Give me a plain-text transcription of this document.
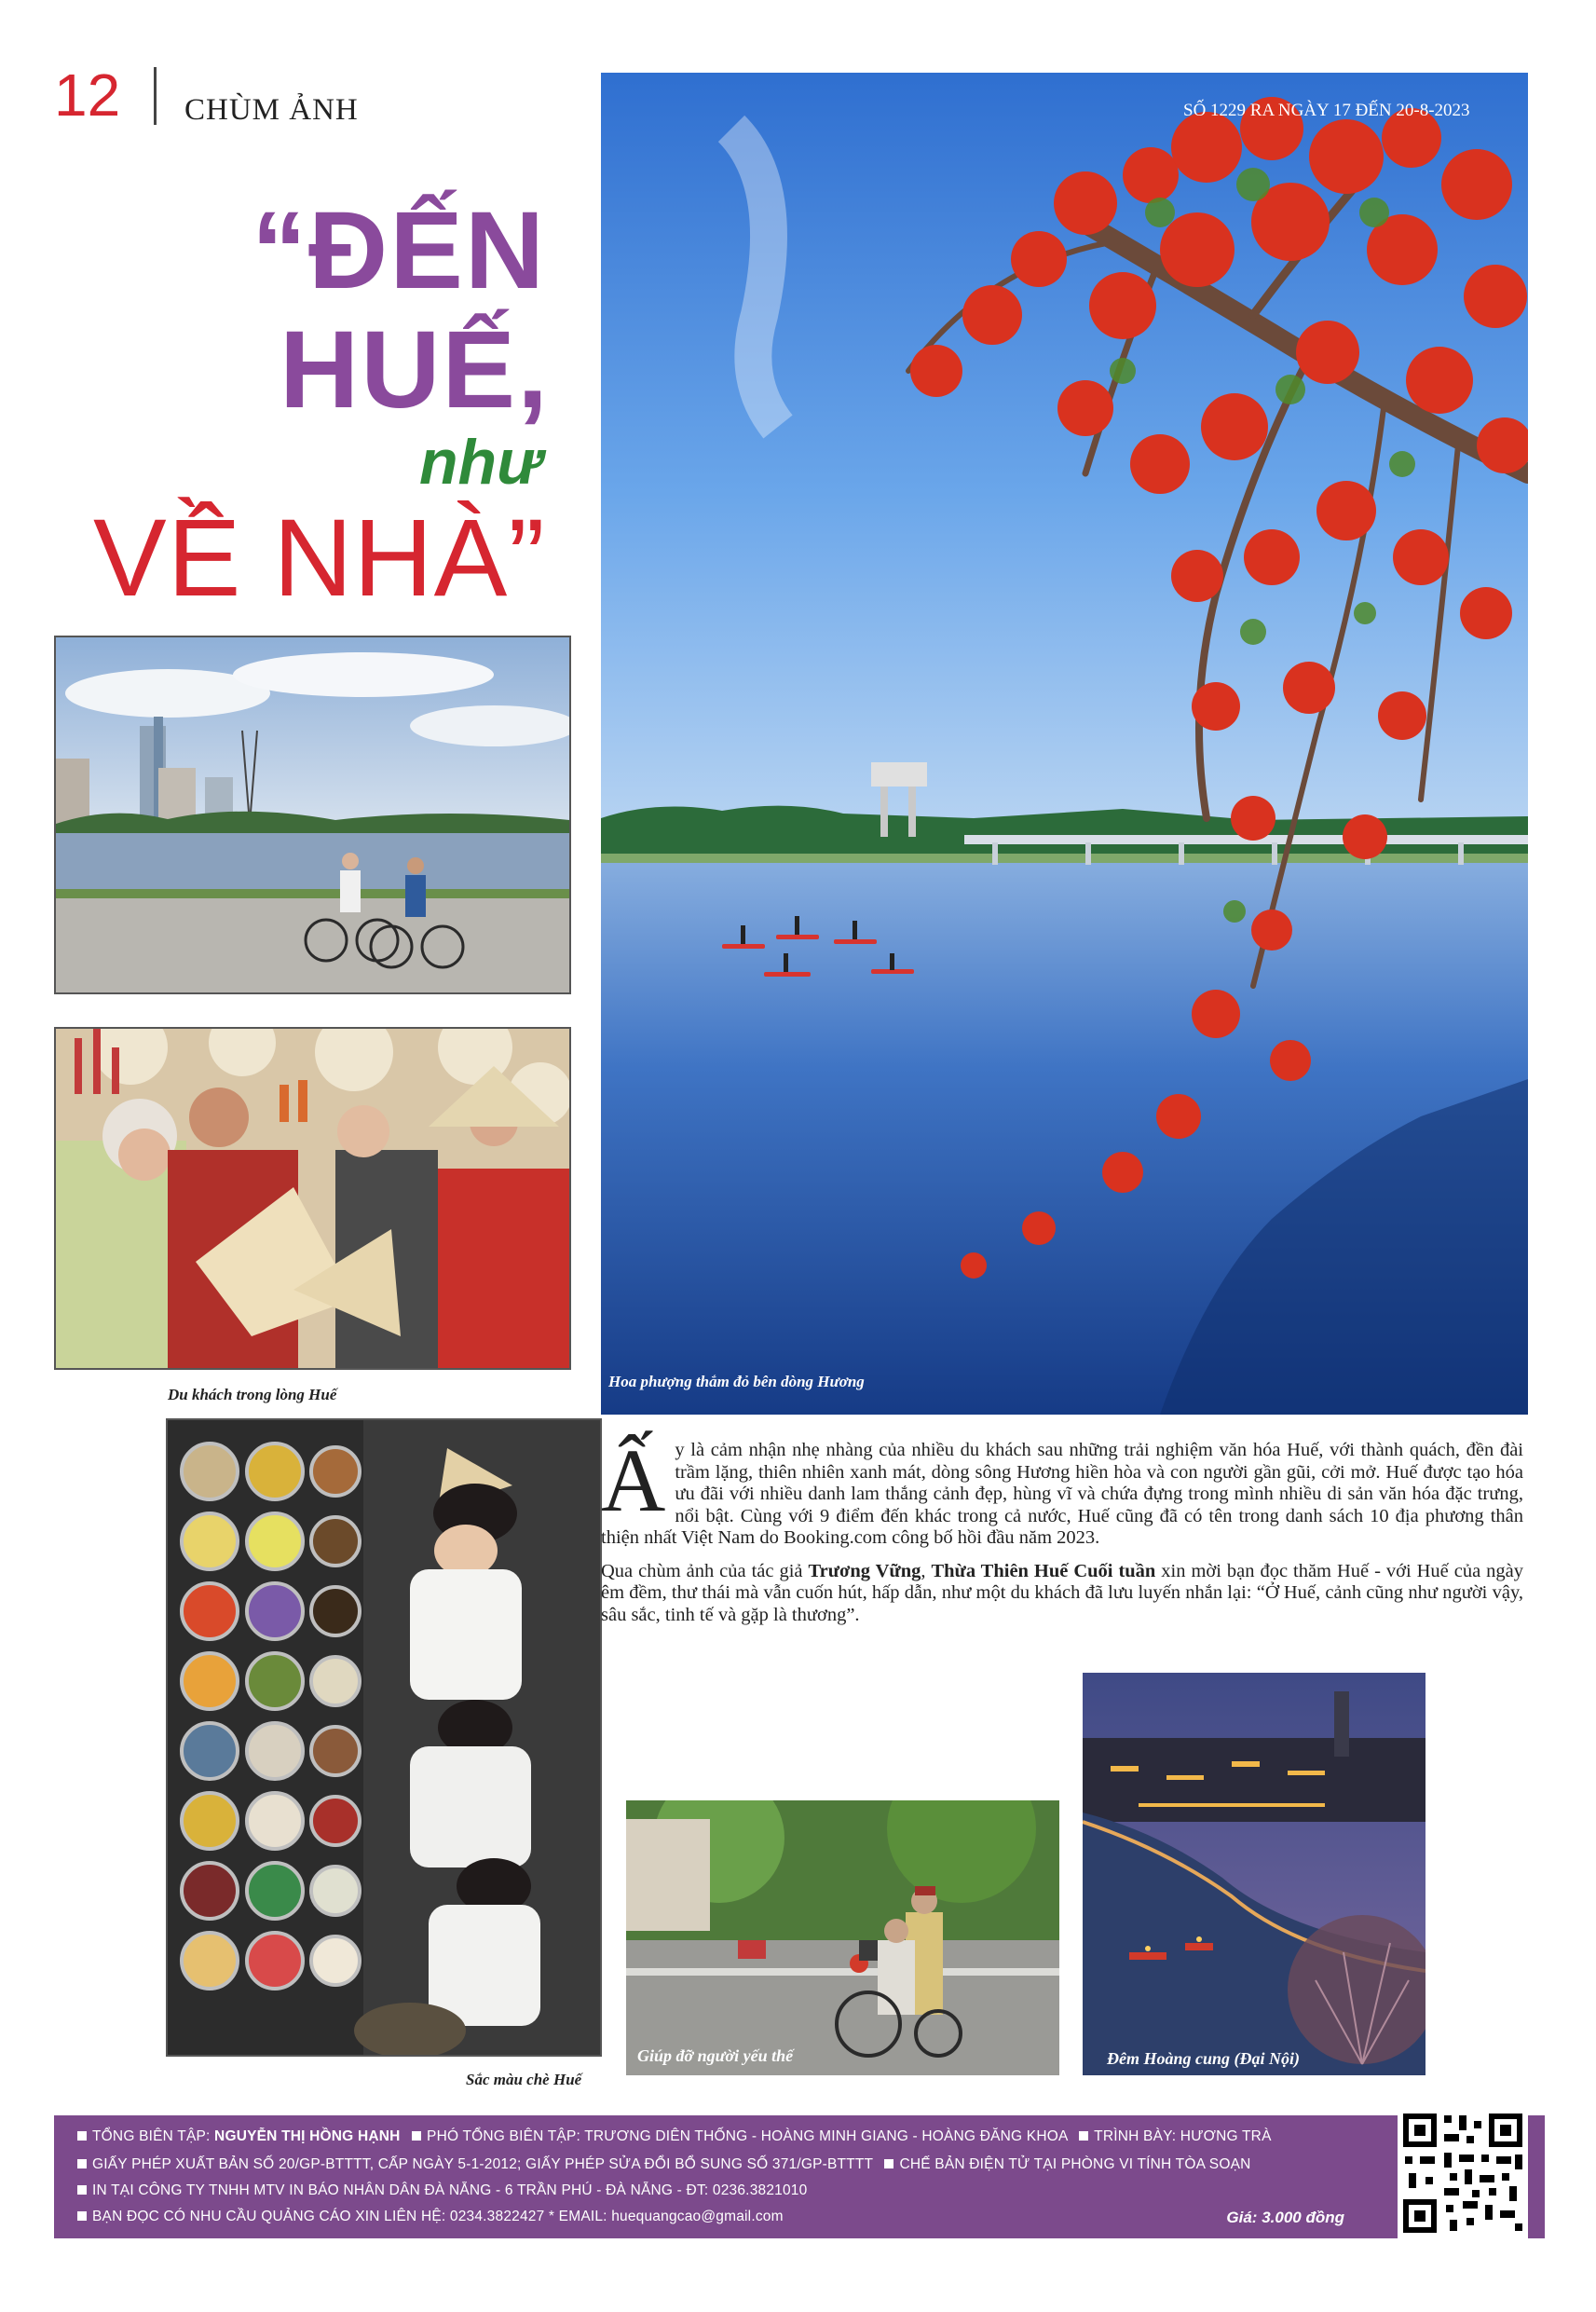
12 CHÙM ẢNH
“ĐẾN
HUẾ,
như
VỀ NHÀ”
SỐ 1229 RA NGÀY 17 ĐẾN 20-8-2023
Hoa phượng thắm đỏ bên dòng Hương
Du khách trong lòng Huế
Sắc màu chè Huế

Ấy là cảm nhận nhẹ nhàng của nhiều du khách sau những trải nghiệm văn hóa Huế, với thành quách, đền đài trầm lặng, thiên nhiên xanh mát, dòng sông Hương hiền hòa và con người gần gũi, cởi mở. Huế được tạo hóa ưu đãi với nhiều danh lam thắng cảnh đẹp, hùng vĩ và chứa đựng trong mình nhiều di sản văn hóa đặc trưng, nổi bật. Cùng với 9 điểm đến khác trong cả nước, Huế cũng đã có tên trong danh sách 10 địa phương thân thiện nhất Việt Nam do Booking.com công bố hồi đầu năm 2023.

Qua chùm ảnh của tác giả Trương Vững, Thừa Thiên Huế Cuối tuần xin mời bạn đọc thăm Huế - với Huế của ngày êm đềm, thư thái mà vẫn cuốn hút, hấp dẫn, như một du khách đã lưu luyến nhắn lại: “Ở Huế, cảnh cũng như người vậy, sâu sắc, tinh tế và gặp là thương”.

Giúp đỡ người yếu thế	Đêm Hoàng cung (Đại Nội)
TỔNG BIÊN TẬP: NGUYỄN THỊ HỒNG HẠNH PHÓ TỔNG BIÊN TẬP: TRƯƠNG DIÊN THỐNG - HOÀNG MINH GIANG - HOÀNG ĐĂNG KHOA TRÌNH BÀY: HƯƠNG TRÀ
GIẤY PHÉP XUẤT BẢN SỐ 20/GP-BTTTT, CẤP NGÀY 5-1-2012; GIẤY PHÉP SỬA ĐỔI BỔ SUNG SỐ 371/GP-BTTTT CHẾ BẢN ĐIỆN TỬ TẠI PHÒNG VI TÍNH TÒA SOẠN
IN TẠI CÔNG TY TNHH MTV IN BÁO NHÂN DÂN ĐÀ NẴNG - 6 TRẦN PHÚ - ĐÀ NẴNG - ĐT: 0236.3821010
BẠN ĐỌC CÓ NHU CẦU QUẢNG CÁO XIN LIÊN HỆ: 0234.3822427 * EMAIL: huequangcao@gmail.com	Giá: 3.000 đồng
